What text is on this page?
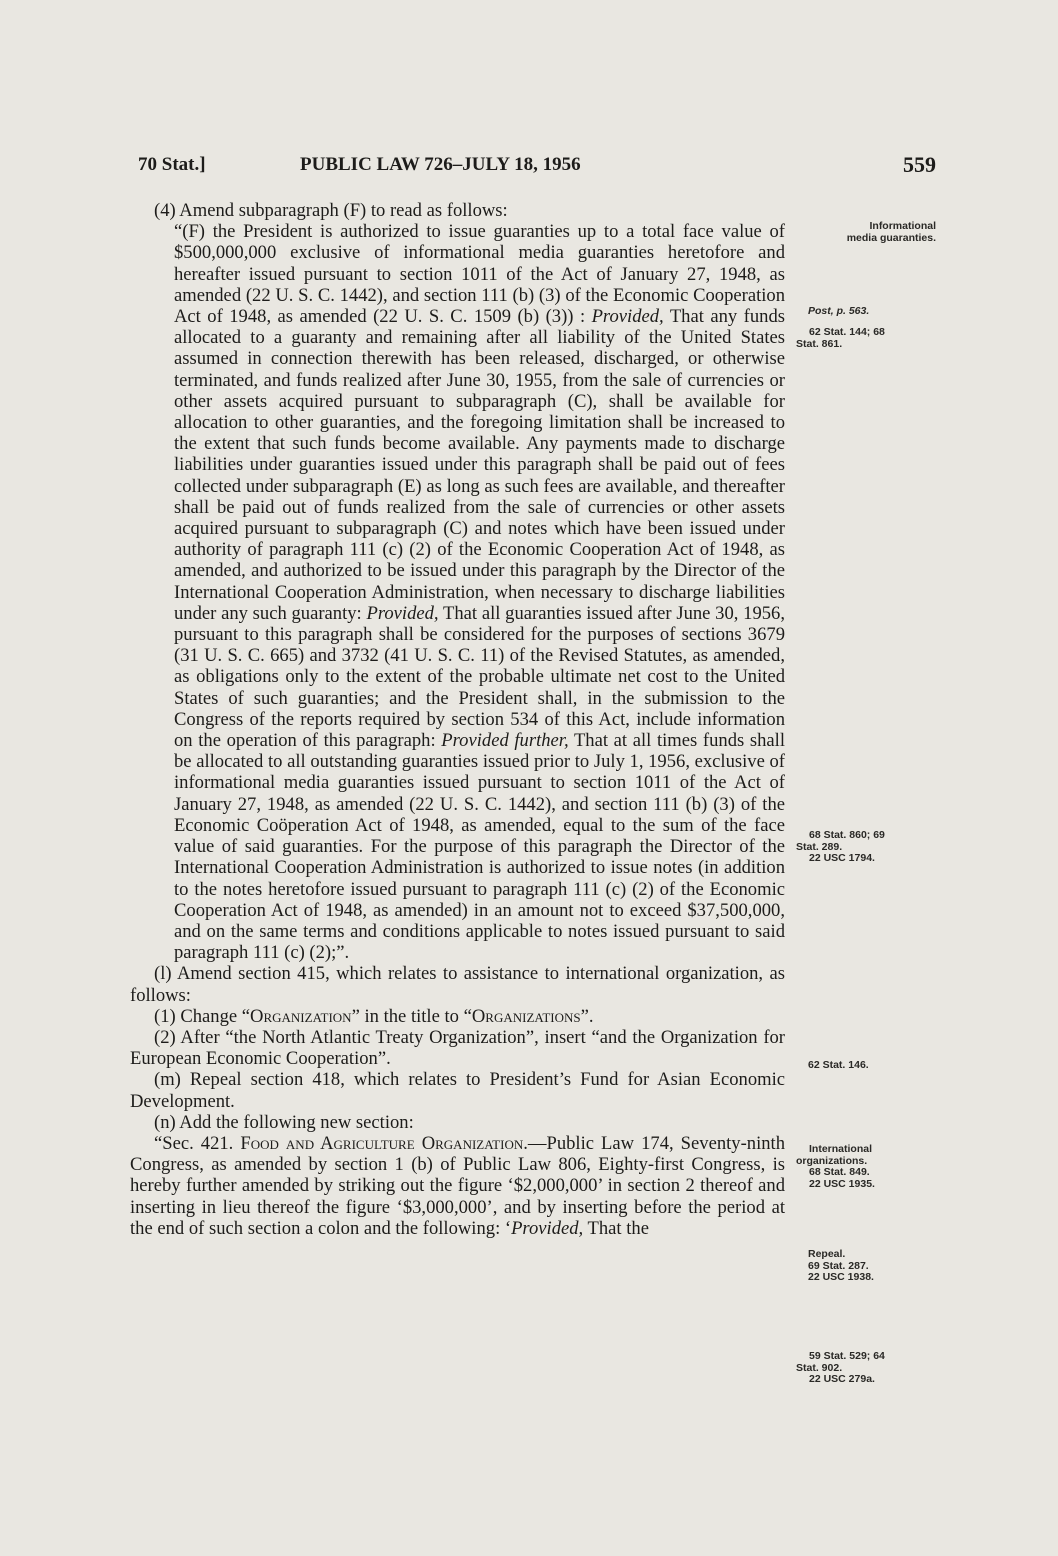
70 Stat.]	PUBLIC LAW 726–JULY 18, 1956	559

(4) Amend subparagraph (F) to read as follows:

“(F) the President is authorized to issue guaranties up to a total face value of $500,000,000 exclusive of informational media guaranties heretofore and hereafter issued pursuant to section 1011 of the Act of January 27, 1948, as amended (22 U. S. C. 1442), and section 111 (b) (3) of the Economic Cooperation Act of 1948, as amended (22 U. S. C. 1509 (b) (3)) : Provided, That any funds allocated to a guaranty and remaining after all liability of the United States assumed in connection therewith has been released, discharged, or otherwise terminated, and funds realized after June 30, 1955, from the sale of currencies or other assets acquired pursuant to subparagraph (C), shall be available for allocation to other guaranties, and the foregoing limitation shall be increased to the extent that such funds become available. Any payments made to discharge liabilities under guaranties issued under this paragraph shall be paid out of fees collected under subparagraph (E) as long as such fees are available, and thereafter shall be paid out of funds realized from the sale of currencies or other assets acquired pursuant to subparagraph (C) and notes which have been issued under authority of paragraph 111 (c) (2) of the Economic Cooperation Act of 1948, as amended, and authorized to be issued under this paragraph by the Director of the International Cooperation Administration, when necessary to discharge liabilities under any such guaranty: Provided, That all guaranties issued after June 30, 1956, pursuant to this paragraph shall be considered for the purposes of sections 3679 (31 U. S. C. 665) and 3732 (41 U. S. C. 11) of the Revised Statutes, as amended, as obligations only to the extent of the probable ultimate net cost to the United States of such guaranties; and the President shall, in the submission to the Congress of the reports required by section 534 of this Act, include information on the operation of this paragraph: Provided further, That at all times funds shall be allocated to all outstanding guaranties issued prior to July 1, 1956, exclusive of informational media guaranties issued pursuant to section 1011 of the Act of January 27, 1948, as amended (22 U. S. C. 1442), and section 111 (b) (3) of the Economic Coöperation Act of 1948, as amended, equal to the sum of the face value of said guaranties. For the purpose of this paragraph the Director of the International Cooperation Administration is authorized to issue notes (in addition to the notes heretofore issued pursuant to paragraph 111 (c) (2) of the Economic Cooperation Act of 1948, as amended) in an amount not to exceed $37,500,000, and on the same terms and conditions applicable to notes issued pursuant to said paragraph 111 (c) (2);”.

(l) Amend section 415, which relates to assistance to international organization, as follows:

(1) Change “Organization” in the title to “Organizations”.

(2) After “the North Atlantic Treaty Organization”, insert “and the Organization for European Economic Cooperation”.

(m) Repeal section 418, which relates to President’s Fund for Asian Economic Development.

(n) Add the following new section:

“Sec. 421. Food and Agriculture Organization.—Public Law 174, Seventy-ninth Congress, as amended by section 1 (b) of Public Law 806, Eighty-first Congress, is hereby further amended by striking out the figure ‘$2,000,000’ in section 2 thereof and inserting in lieu thereof the figure ‘$3,000,000’, and by inserting before the period at the end of such section a colon and the following: ‘Provided, That the

Informational
media guaranties.
Post, p. 563.
62 Stat. 144; 68
Stat. 861.
68 Stat. 860; 69
Stat. 289.
22 USC 1794.
62 Stat. 146.
International
organizations.
68 Stat. 849.
22 USC 1935.
Repeal.
69 Stat. 287.
22 USC 1938.
59 Stat. 529; 64
Stat. 902.
22 USC 279a.
